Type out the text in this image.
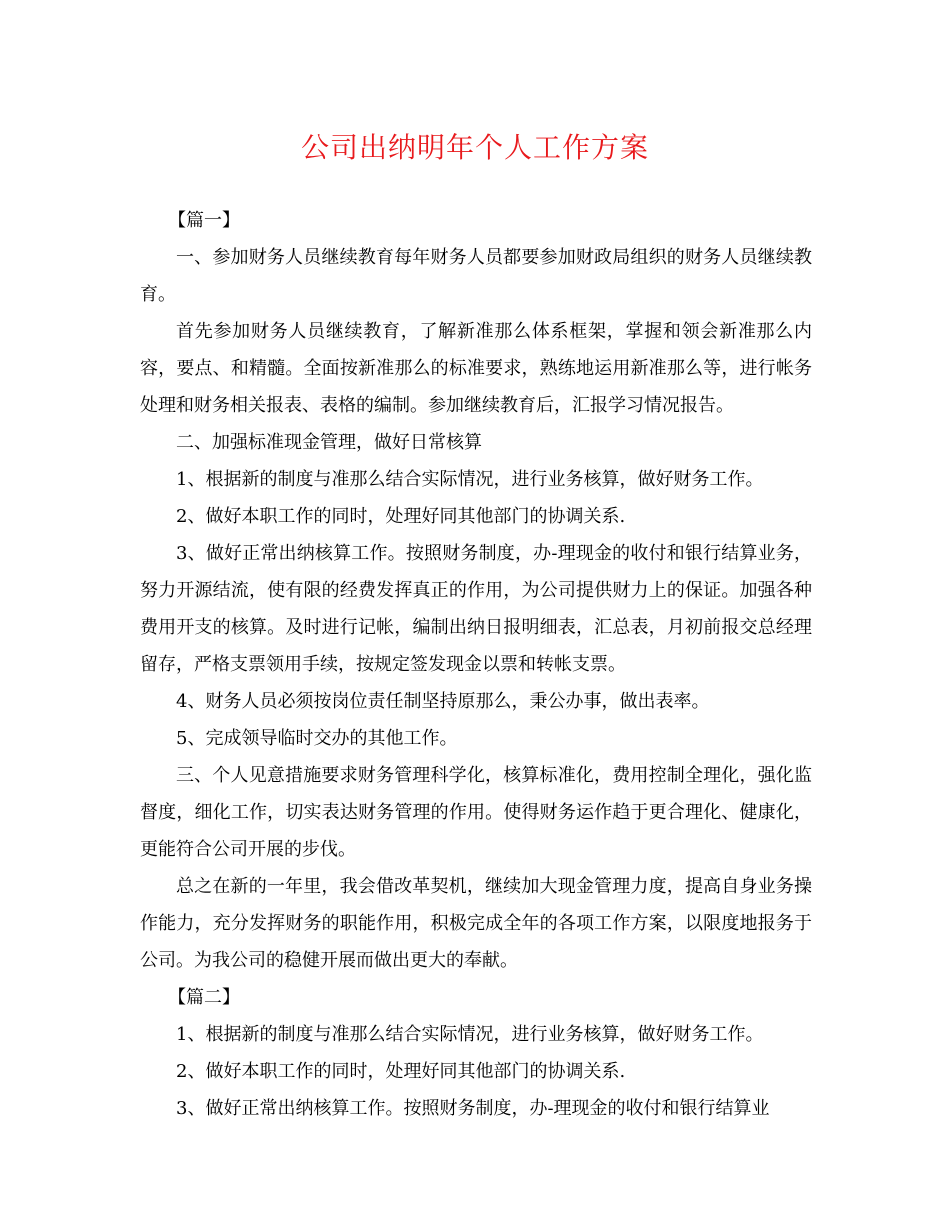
公司出纳明年个人工作方案

【篇一】

一、参加财务人员继续教育每年财务人员都要参加财政局组织的财务人员继续教育。

首先参加财务人员继续教育，了解新准那么体系框架，掌握和领会新准那么内容，要点、和精髓。全面按新准那么的标准要求，熟练地运用新准那么等，进行帐务处理和财务相关报表、表格的编制。参加继续教育后，汇报学习情况报告。

二、加强标准现金管理，做好日常核算

1、根据新的制度与准那么结合实际情况，进行业务核算，做好财务工作。

2、做好本职工作的同时，处理好同其他部门的协调关系.

3、做好正常出纳核算工作。按照财务制度，办-理现金的收付和银行结算业务，努力开源结流，使有限的经费发挥真正的作用，为公司提供财力上的保证。加强各种费用开支的核算。及时进行记帐，编制出纳日报明细表，汇总表，月初前报交总经理留存，严格支票领用手续，按规定签发现金以票和转帐支票。

4、财务人员必须按岗位责任制坚持原那么，秉公办事，做出表率。

5、完成领导临时交办的其他工作。

三、个人见意措施要求财务管理科学化，核算标准化，费用控制全理化，强化监督度，细化工作，切实表达财务管理的作用。使得财务运作趋于更合理化、健康化，更能符合公司开展的步伐。

总之在新的一年里，我会借改革契机，继续加大现金管理力度，提高自身业务操作能力，充分发挥财务的职能作用，积极完成全年的各项工作方案，以限度地报务于公司。为我公司的稳健开展而做出更大的奉献。

【篇二】

1、根据新的制度与准那么结合实际情况，进行业务核算，做好财务工作。

2、做好本职工作的同时，处理好同其他部门的协调关系.

3、做好正常出纳核算工作。按照财务制度，办-理现金的收付和银行结算业
